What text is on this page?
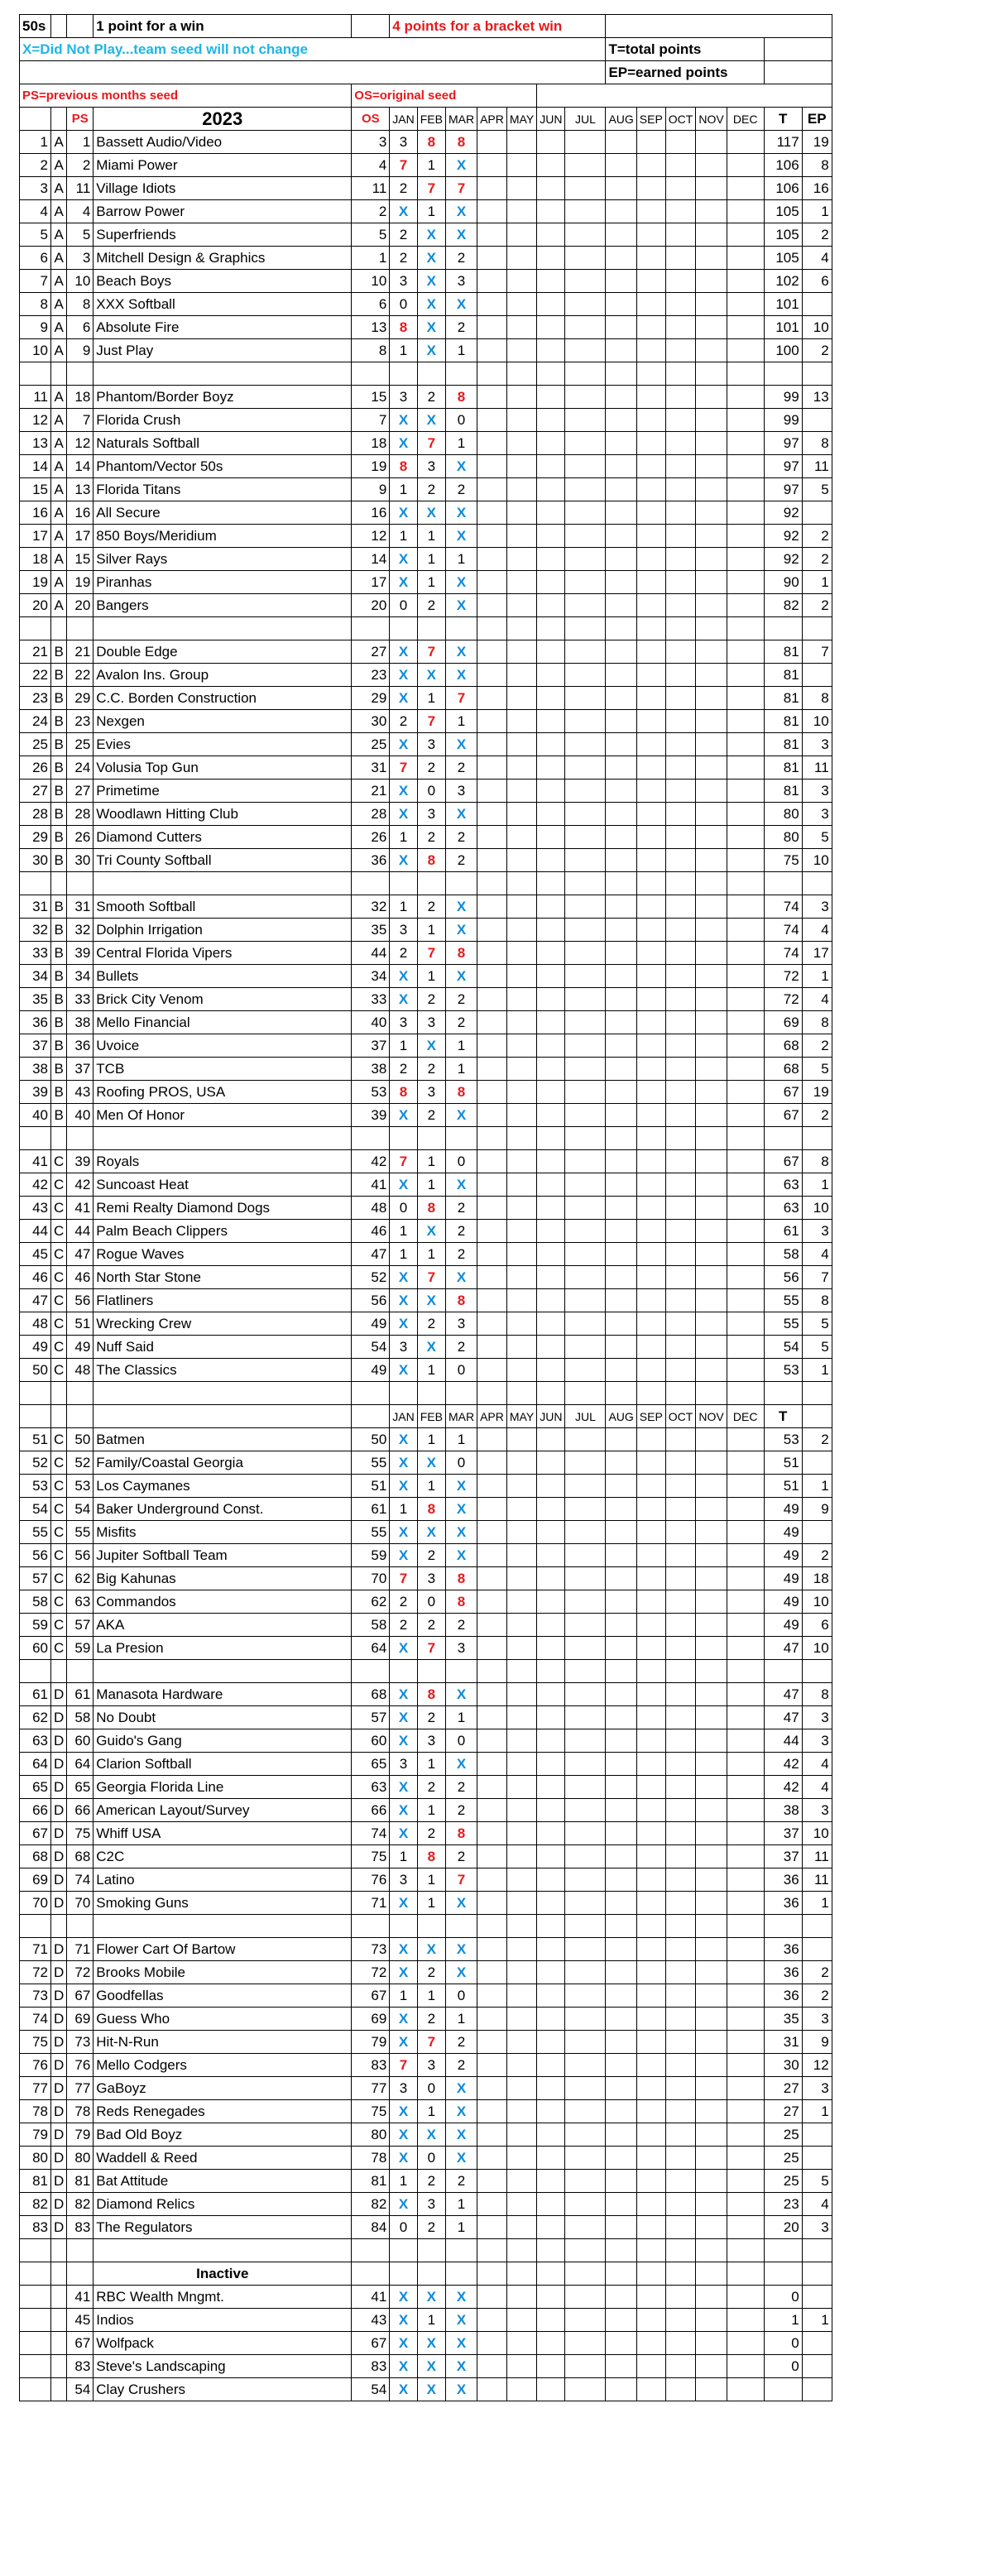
50s			1 point for a win		4 points for a bracket win													
X=Did Not Play...team seed will not change												T=total points						
												EP=earned points						
PS=previous months seed				OS=original seed														
		PS	2023	OS	JAN	FEB	MAR	APR	MAY	JUN	JUL	AUG	SEP	OCT	NOV	DEC	T	EP
1	A	1	Bassett Audio/Video	3	3	8	8										117	19
2	A	2	Miami Power	4	7	1	X										106	8
3	A	11	Village Idiots	11	2	7	7										106	16
4	A	4	Barrow Power	2	X	1	X										105	1
5	A	5	Superfriends	5	2	X	X										105	2
6	A	3	Mitchell Design & Graphics	1	2	X	2										105	4
7	A	10	Beach Boys	10	3	X	3										102	6
8	A	8	XXX Softball	6	0	X	X										101	
9	A	6	Absolute Fire	13	8	X	2										101	10
10	A	9	Just Play	8	1	X	1										100	2

11	A	18	Phantom/Border Boyz	15	3	2	8										99	13
12	A	7	Florida Crush	7	X	X	0										99	
13	A	12	Naturals Softball	18	X	7	1										97	8
14	A	14	Phantom/Vector 50s	19	8	3	X										97	11
15	A	13	Florida Titans	9	1	2	2										97	5
16	A	16	All Secure	16	X	X	X										92	
17	A	17	850 Boys/Meridium	12	1	1	X										92	2
18	A	15	Silver Rays	14	X	1	1										92	2
19	A	19	Piranhas	17	X	1	X										90	1
20	A	20	Bangers	20	0	2	X										82	2

21	B	21	Double Edge	27	X	7	X										81	7
22	B	22	Avalon Ins. Group	23	X	X	X										81	
23	B	29	C.C. Borden Construction	29	X	1	7										81	8
24	B	23	Nexgen	30	2	7	1										81	10
25	B	25	Evies	25	X	3	X										81	3
26	B	24	Volusia Top Gun	31	7	2	2										81	11
27	B	27	Primetime	21	X	0	3										81	3
28	B	28	Woodlawn Hitting Club	28	X	3	X										80	3
29	B	26	Diamond Cutters	26	1	2	2										80	5
30	B	30	Tri County Softball	36	X	8	2										75	10

31	B	31	Smooth Softball	32	1	2	X										74	3
32	B	32	Dolphin Irrigation	35	3	1	X										74	4
33	B	39	Central Florida Vipers	44	2	7	8										74	17
34	B	34	Bullets	34	X	1	X										72	1
35	B	33	Brick City Venom	33	X	2	2										72	4
36	B	38	Mello Financial	40	3	3	2										69	8
37	B	36	Uvoice	37	1	X	1										68	2
38	B	37	TCB	38	2	2	1										68	5
39	B	43	Roofing PROS, USA	53	8	3	8										67	19
40	B	40	Men Of Honor	39	X	2	X										67	2

41	C	39	Royals	42	7	1	0										67	8
42	C	42	Suncoast Heat	41	X	1	X										63	1
43	C	41	Remi Realty Diamond Dogs	48	0	8	2										63	10
44	C	44	Palm Beach Clippers	46	1	X	2										61	3
45	C	47	Rogue Waves	47	1	1	2										58	4
46	C	46	North Star Stone	52	X	7	X										56	7
47	C	56	Flatliners	56	X	X	8										55	8
48	C	51	Wrecking Crew	49	X	2	3										55	5
49	C	49	Nuff Said	54	3	X	2										54	5
50	C	48	The Classics	49	X	1	0										53	1

					JAN	FEB	MAR	APR	MAY	JUN	JUL	AUG	SEP	OCT	NOV	DEC	T	
51	C	50	Batmen	50	X	1	1										53	2
52	C	52	Family/Coastal Georgia	55	X	X	0										51	
53	C	53	Los Caymanes	51	X	1	X										51	1
54	C	54	Baker Underground Const.	61	1	8	X										49	9
55	C	55	Misfits	55	X	X	X										49	
56	C	56	Jupiter Softball Team	59	X	2	X										49	2
57	C	62	Big Kahunas	70	7	3	8										49	18
58	C	63	Commandos	62	2	0	8										49	10
59	C	57	AKA	58	2	2	2										49	6
60	C	59	La Presion	64	X	7	3										47	10

61	D	61	Manasota Hardware	68	X	8	X										47	8
62	D	58	No Doubt	57	X	2	1										47	3
63	D	60	Guido's Gang	60	X	3	0										44	3
64	D	64	Clarion Softball	65	3	1	X										42	4
65	D	65	Georgia Florida Line	63	X	2	2										42	4
66	D	66	American Layout/Survey	66	X	1	2										38	3
67	D	75	Whiff USA	74	X	2	8										37	10
68	D	68	C2C	75	1	8	2										37	11
69	D	74	Latino	76	3	1	7										36	11
70	D	70	Smoking Guns	71	X	1	X										36	1

71	D	71	Flower Cart Of Bartow	73	X	X	X										36	
72	D	72	Brooks Mobile	72	X	2	X										36	2
73	D	67	Goodfellas	67	1	1	0										36	2
74	D	69	Guess Who	69	X	2	1										35	3
75	D	73	Hit-N-Run	79	X	7	2										31	9
76	D	76	Mello Codgers	83	7	3	2										30	12
77	D	77	GaBoyz	77	3	0	X										27	3
78	D	78	Reds Renegades	75	X	1	X										27	1
79	D	79	Bad Old Boyz	80	X	X	X										25	
80	D	80	Waddell & Reed	78	X	0	X										25	
81	D	81	Bat Attitude	81	1	2	2										25	5
82	D	82	Diamond Relics	82	X	3	1										23	4
83	D	83	The Regulators	84	0	2	1										20	3

			Inactive															
		41	RBC Wealth Mngmt.	41	X	X	X										0	
		45	Indios	43	X	1	X										1	1
		67	Wolfpack	67	X	X	X										0	
		83	Steve's Landscaping	83	X	X	X										0	
		54	Clay Crushers	54	X	X	X											
